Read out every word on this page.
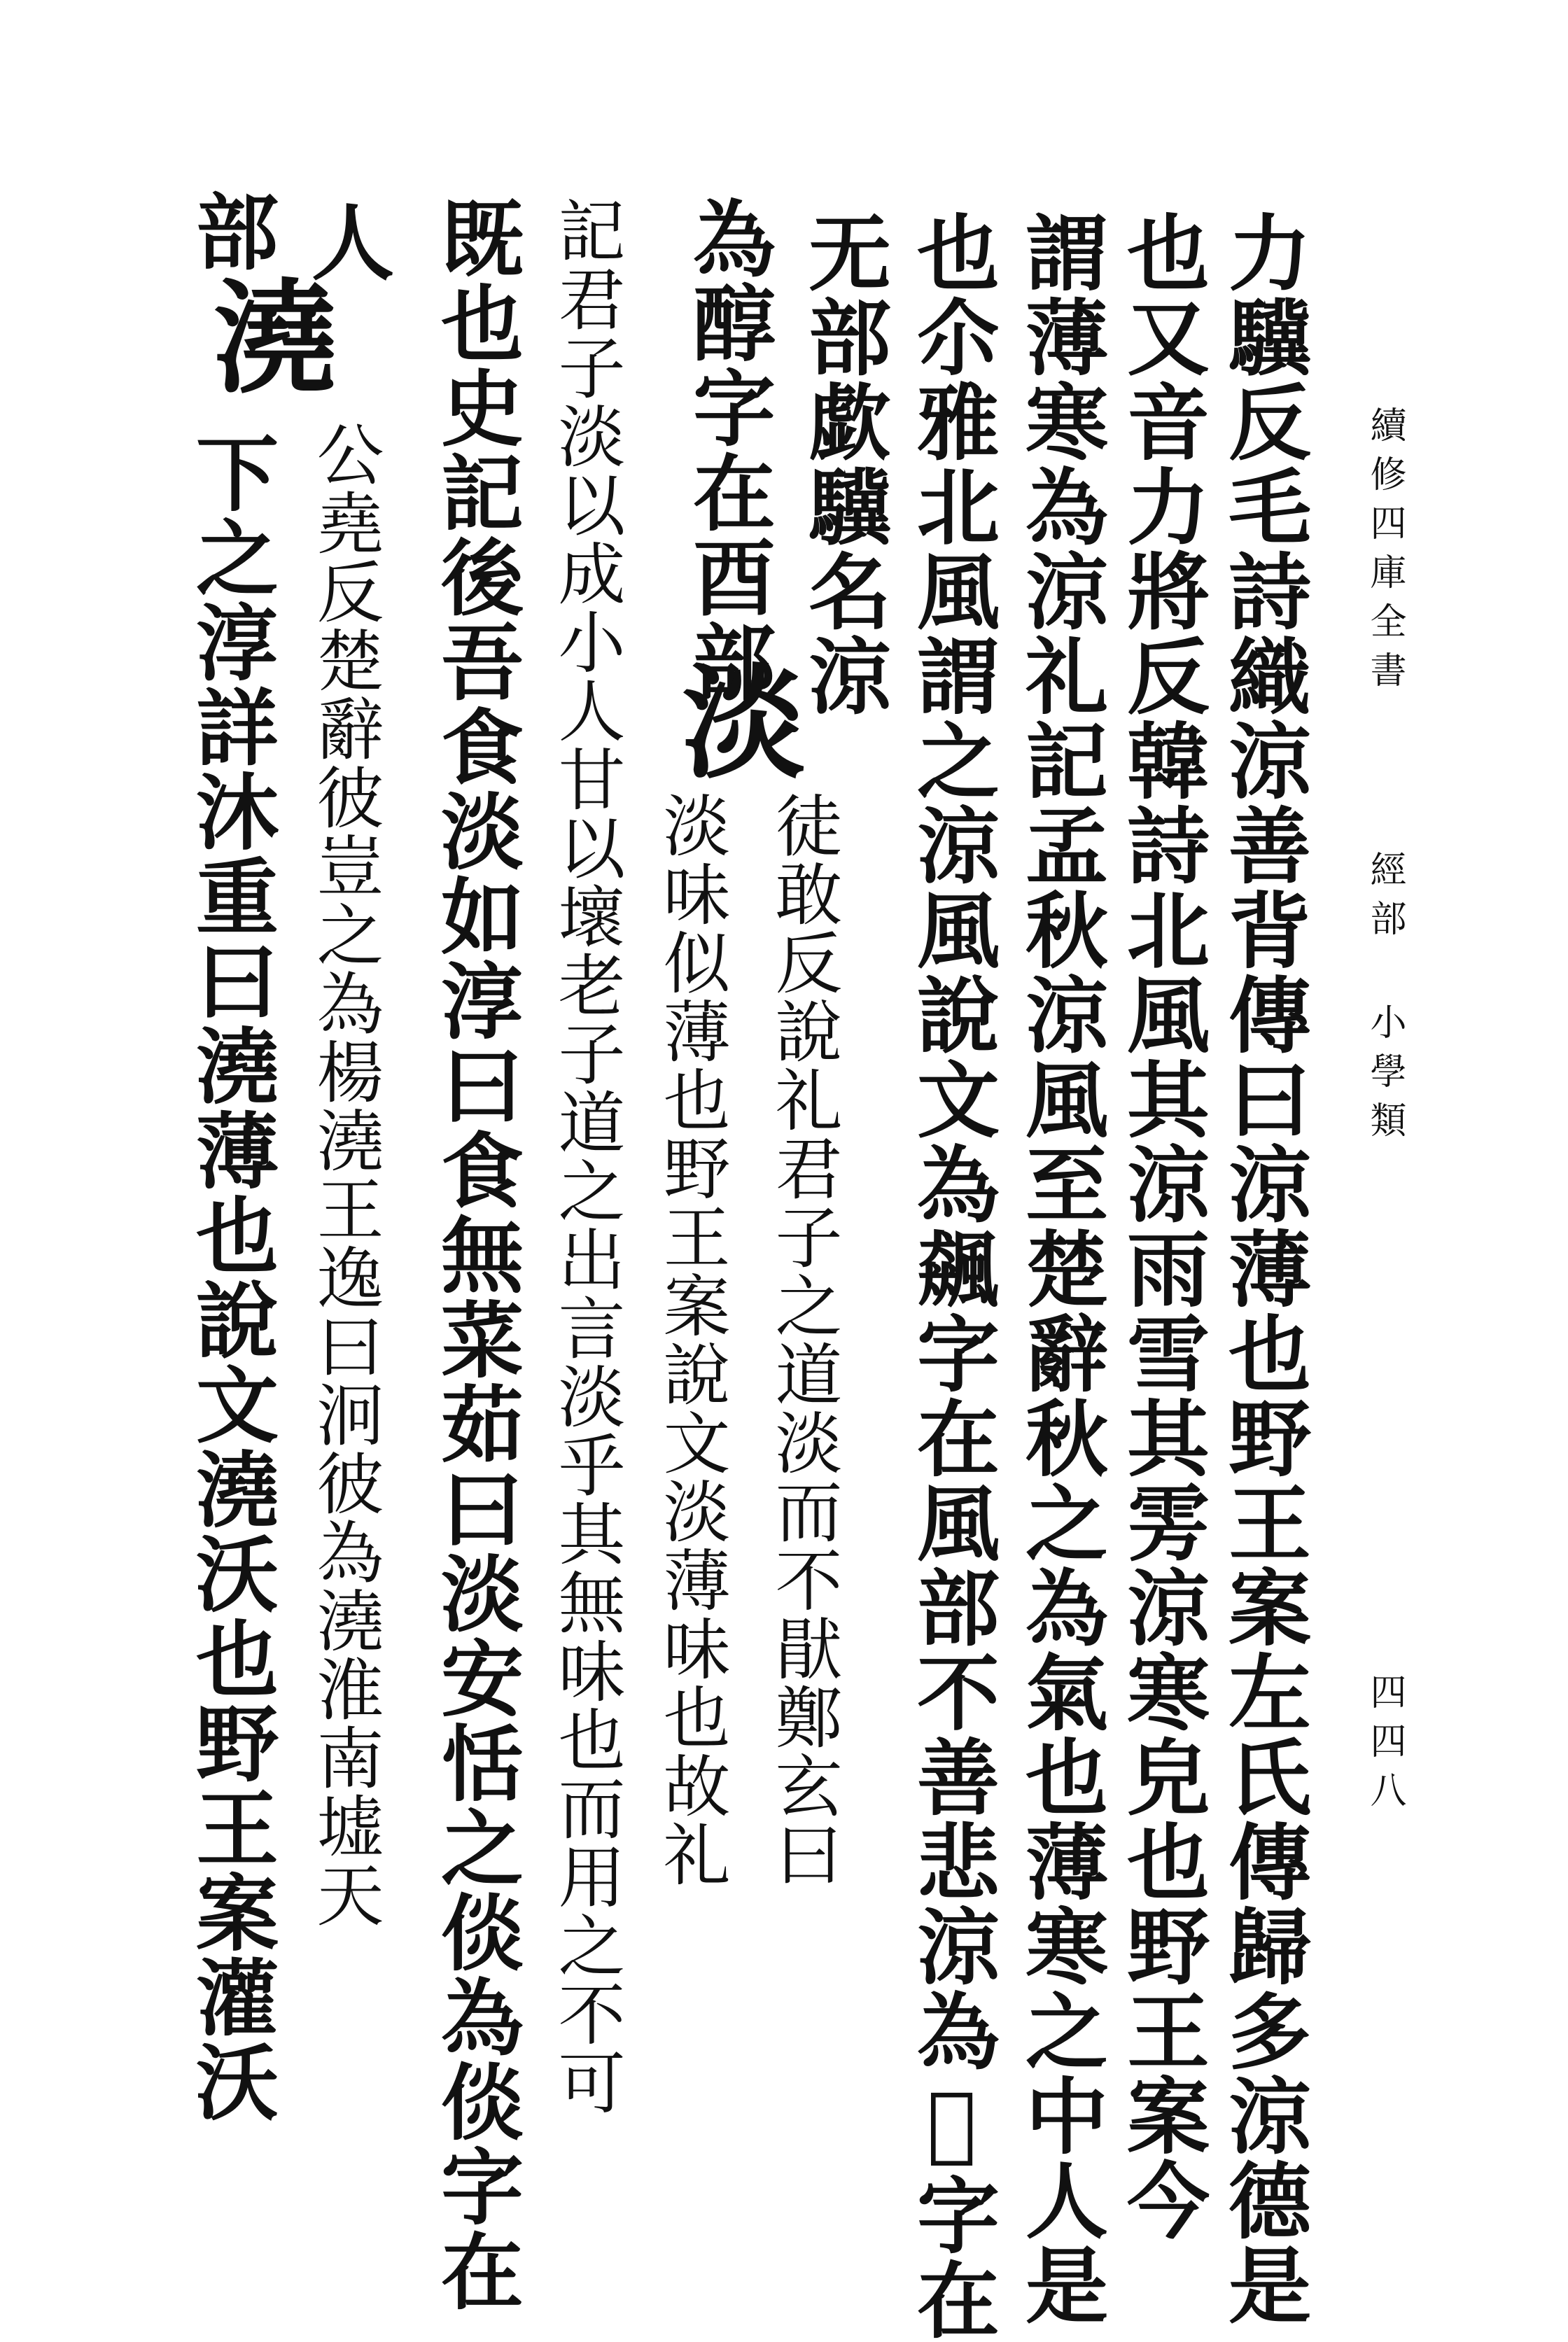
續修四庫全書
經部 小學類
四四八
力驥反毛詩織涼善背傳曰涼薄也野王案左氏傳歸多涼德是
也又音力將反韓詩北風其涼雨雪其雱涼寒皃也野王案今
謂薄寒為涼礼記孟秋涼風至楚辭秋之為氣也薄寒之中人是
也尒雅北風謂之涼風說文為飆字在風部不善悲涼為𥠖字在
无部歔驥名涼
為醇字在酉部
淡
徒敢反說礼君子之道淡而不猒鄭玄曰
淡味似薄也野王案說文淡薄味也故礼
記君子淡以成小人甘以壞老子道之出言淡乎其無味也而用之不可
既也史記後吾食淡如淳曰食無菜茹曰淡安恬之倓為倓字在
人
澆
公堯反楚辭彼豈之為楊澆王逸曰泂彼為澆淮南墟天
部
下之淳詳沐重曰澆薄也說文澆沃也野王案灌沃
